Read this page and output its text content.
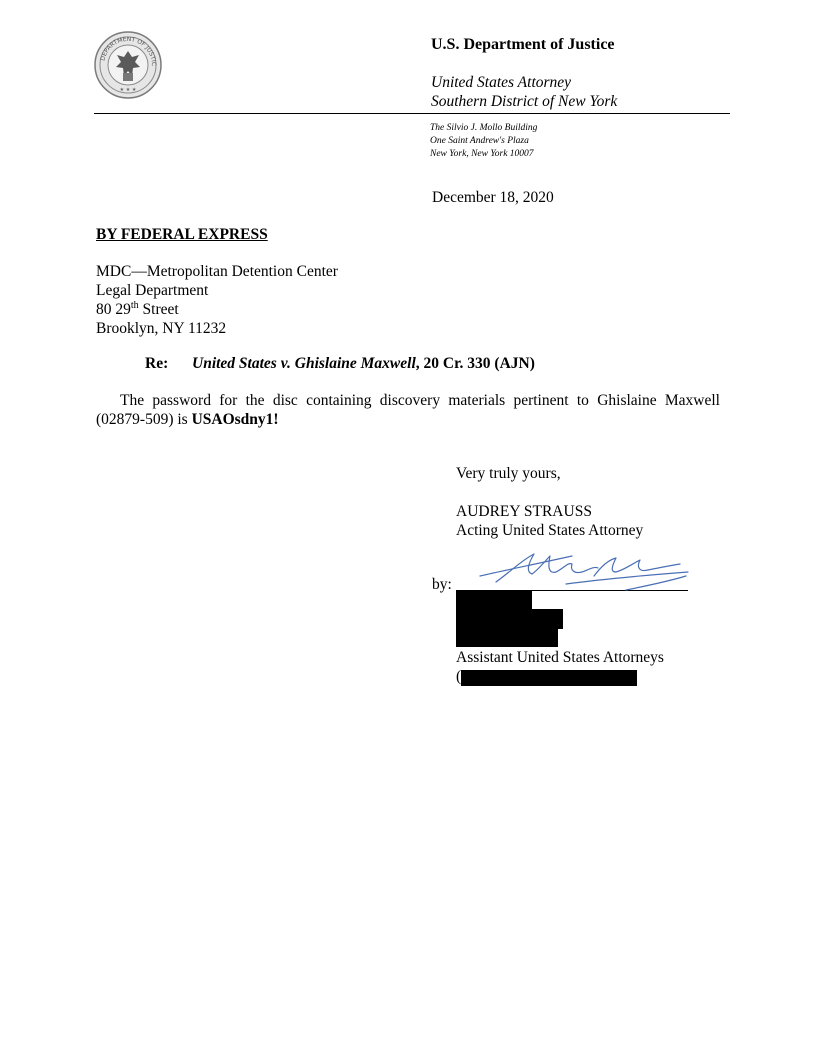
DEPARTMENT OF JUSTIC
★ ★ ★
U.S. Department of Justice
United States Attorney
Southern District of New York
The Silvio J. Mollo Building
One Saint Andrew's Plaza
New York, New York 10007
December 18, 2020
BY FEDERAL EXPRESS
MDC—Metropolitan Detention Center
Legal Department
80 29th Street
Brooklyn, NY 11232
Re: United States v. Ghislaine Maxwell, 20 Cr. 330 (AJN)
The password for the disc containing discovery materials pertinent to Ghislaine Maxwell (02879-509) is USAOsdny1!
Very truly yours,
AUDREY STRAUSS
Acting United States Attorney
by:
Assistant United States Attorneys
(
